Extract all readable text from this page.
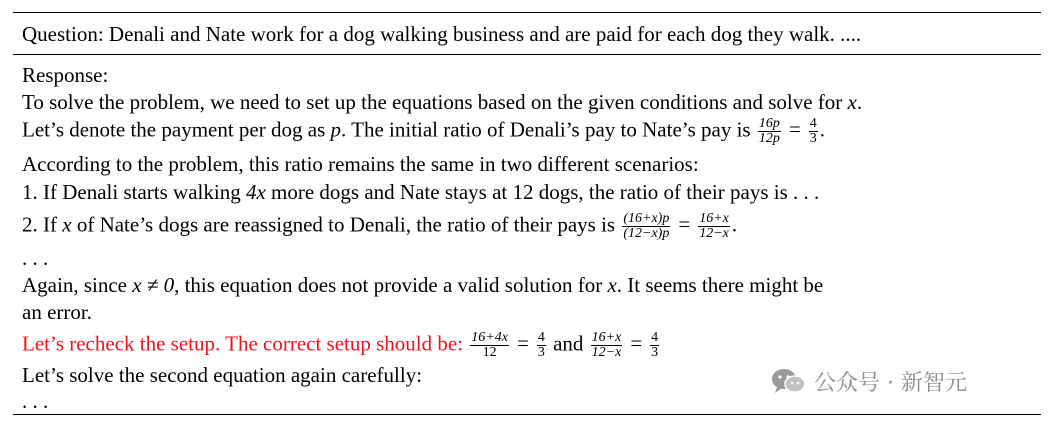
Question: Denali and Nate work for a dog walking business and are paid for each dog they walk. ....
Response:
To solve the problem, we need to set up the equations based on the given conditions and solve for x.
Let’s denote the payment per dog as p. The initial ratio of Denali’s pay to Nate’s pay is $\frac{16p}{12p} = \frac{4}{3}$ .
According to the problem, this ratio remains the same in two different scenarios:
1. If Denali starts walking 4x more dogs and Nate stays at 12 dogs, the ratio of their pays is . . .
2. If x of Nate’s dogs are reassigned to Denali, the ratio of their pays is $\frac{(16+x)p}{(12-x)p} = \frac{16+x}{12-x}$ .
. . .
Again, since x ≠ 0, this equation does not provide a valid solution for x. It seems there might be
an error.
Let’s recheck the setup. The correct setup should be: $\frac{16+4x}{12} = \frac{4}{3}$ and $\frac{16+x}{12-x} = \frac{4}{3}$
Let’s solve the second equation again carefully:
. . .
公众号 · 新智元
